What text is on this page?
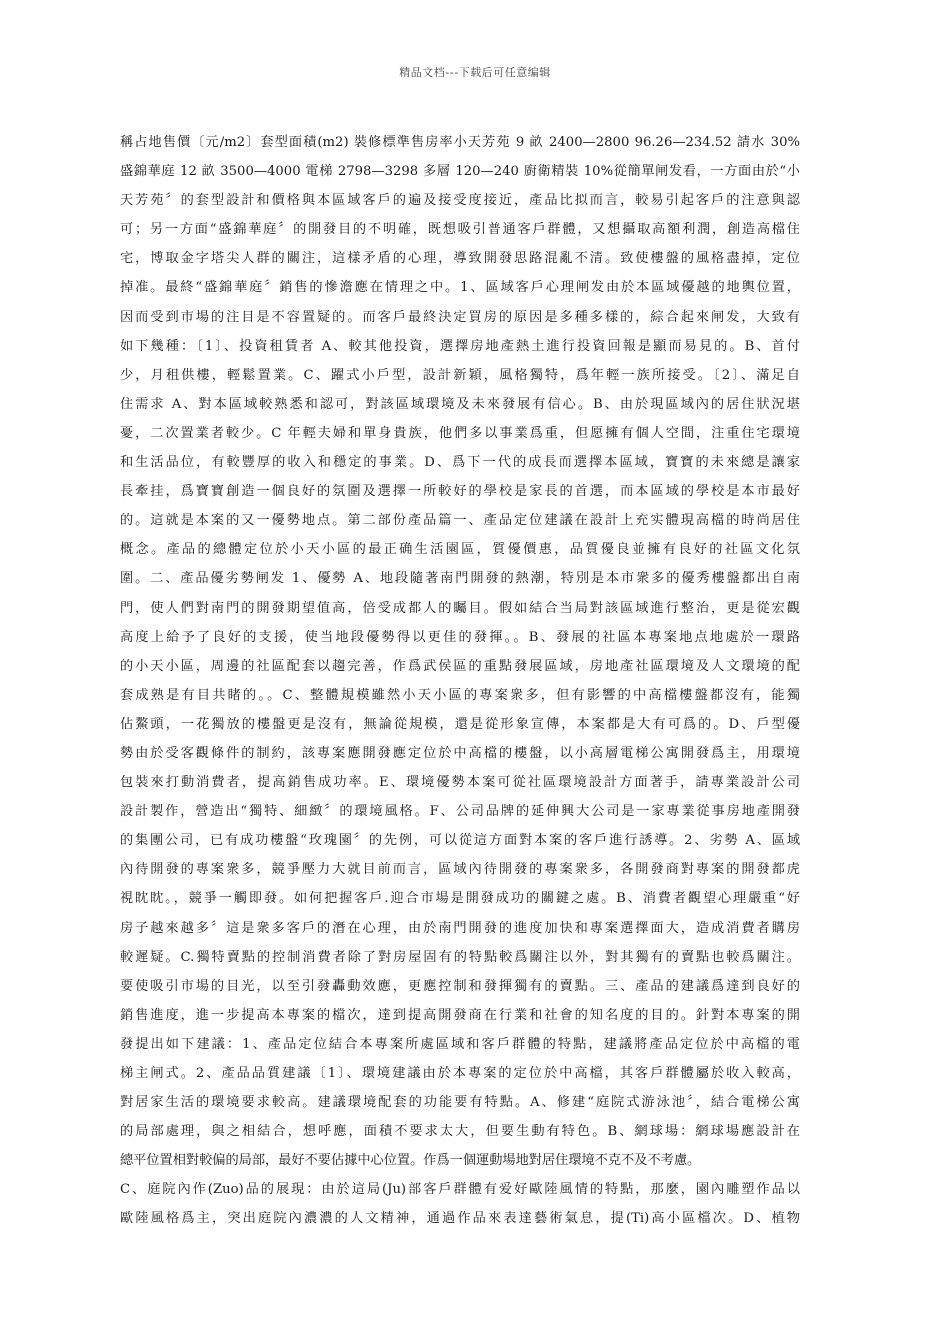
精品文档---下载后可任意编辑
稱占地售價〔元/m2〕套型面積(m2) 裝修標準售房率小天芳苑 9 畝 2400—2800 96.26—234.52 請水 30%
盛錦華庭 12 畝 3500—4000 電梯 2798—3298 多層 120—240 廚衛精裝 10%從簡單闸发看，一方面由於“小
天芳苑〞的套型設計和價格與本區域客戶的遍及接受度接近，產品比拟而言，較易引起客戶的注意與認
可；另一方面“盛錦華庭〞的開發目的不明確，既想吸引普通客戶群體，又想攝取高額利潤，創造高檔住
宅，博取金字塔尖人群的關注，這樣矛盾的心理，導致開發思路混亂不清。致使樓盤的風格盡掉，定位
掉准。最終“盛錦華庭〞銷售的慘澹應在情理之中。1、區域客戶心理闸发由於本區域優越的地輿位置，
因而受到市場的注目是不容置疑的。而客戶最終決定買房的原因是多種多樣的，綜合起來闸发，大致有
如下幾種：〔1〕、投資租賃者 A、較其他投資，選擇房地產熱土進行投資回報是顯而易見的。B、首付
少，月租供樓，輕鬆置業。C、躍式小戶型，設計新穎，風格獨特，爲年輕一族所接受。〔2〕、滿足自
住需求 A、對本區域較熟悉和認可，對該區域環境及未來發展有信心。B、由於現區域內的居住狀況堪
憂，二次置業者較少。C 年輕夫婦和單身貴族，他們多以事業爲重，但愿擁有個人空間，注重住宅環境
和生活品位，有較豐厚的收入和穩定的事業。D、爲下一代的成長而選擇本區域，寶寶的未來總是讓家
長牽挂，爲寶寶創造一個良好的氛圍及選擇一所較好的學校是家長的首選，而本區域的學校是本市最好
的。這就是本案的又一優勢地点。第二部份產品篇一、產品定位建議在設計上充实體現高檔的時尚居住
概念。產品的總體定位於小天小區的最正确生活園區，質優價惠，品質優良並擁有良好的社區文化氛
圍。二、產品優劣勢闸发 1、優勢 A、地段隨著南門開發的熱潮，特別是本市衆多的優秀樓盤都出自南
門，使人們對南門的開發期望值高，倍受成都人的矚目。假如結合当局對該區域進行整治，更是從宏觀
高度上給予了良好的支援，使当地段優勢得以更佳的發揮。。B、發展的社區本專案地点地處於一環路
的小天小區，周邊的社區配套以趨完善，作爲武侯區的重點發展區域，房地產社區環境及人文環境的配
套成熟是有目共睹的。。C、整體規模雖然小天小區的專案衆多，但有影響的中高檔樓盤都沒有，能獨
佔鰲頭，一花獨放的樓盤更是沒有，無論從規模，還是從形象宣傳，本案都是大有可爲的。D、戶型優
勢由於受客觀條件的制約，該專案應開發應定位於中高檔的樓盤，以小高層電梯公寓開發爲主，用環境
包裝來打動消費者，提高銷售成功率。E、環境優勢本案可從社區環境設計方面著手，請專業設計公司
設計製作，營造出“獨特、細緻〞的環境風格。F、公司品牌的延伸興大公司是一家專業從事房地產開發
的集團公司，已有成功樓盤“玫瑰園〞的先例，可以從這方面對本案的客戶進行誘導。2、劣勢 A、區域
內待開發的專案衆多，競爭壓力大就目前而言，區域內待開發的專案衆多，各開發商對專案的開發都虎
視眈眈。，競爭一觸即發。如何把握客戶.迎合市場是開發成功的關鍵之處。B、消費者觀望心理嚴重“好
房子越來越多〞這是衆多客戶的潛在心理，由於南門開發的進度加快和專案選擇面大，造成消費者購房
較遲疑。C.獨特賣點的控制消費者除了對房屋固有的特點較爲關注以外，對其獨有的賣點也較爲關注。
要使吸引市場的目光，以至引發轟動效應，更應控制和發揮獨有的賣點。三、產品的建議爲達到良好的
銷售進度，進一步提高本專案的檔次，達到提高開發商在行業和社會的知名度的目的。針對本專案的開
發提出如下建議：1、產品定位結合本專案所處區域和客戶群體的特點，建議將產品定位於中高檔的電
梯主闸式。2、產品品質建議〔1〕、環境建議由於本專案的定位於中高檔，其客戶群體屬於收入較高，
對居家生活的環境要求較高。建議環境配套的功能要有特點。A、修建“庭院式游泳池〞，結合電梯公寓
的局部處理，與之相結合，想呼應，面積不要求太大，但要生動有特色。B、網球場：網球場應設計在
總平位置相對較偏的局部，最好不要佔據中心位置。作爲一個運動場地對居住環境不克不及不考慮。
C、庭院內作(Zuo)品的展現：由於這局(Ju)部客戶群體有爱好歐陸風情的特點，那麼，園內雕塑作品以
歐陸風格爲主，突出庭院內濃濃的人文精神，通過作品來表達藝術氣息，提(Ti)高小區檔次。D、植物
